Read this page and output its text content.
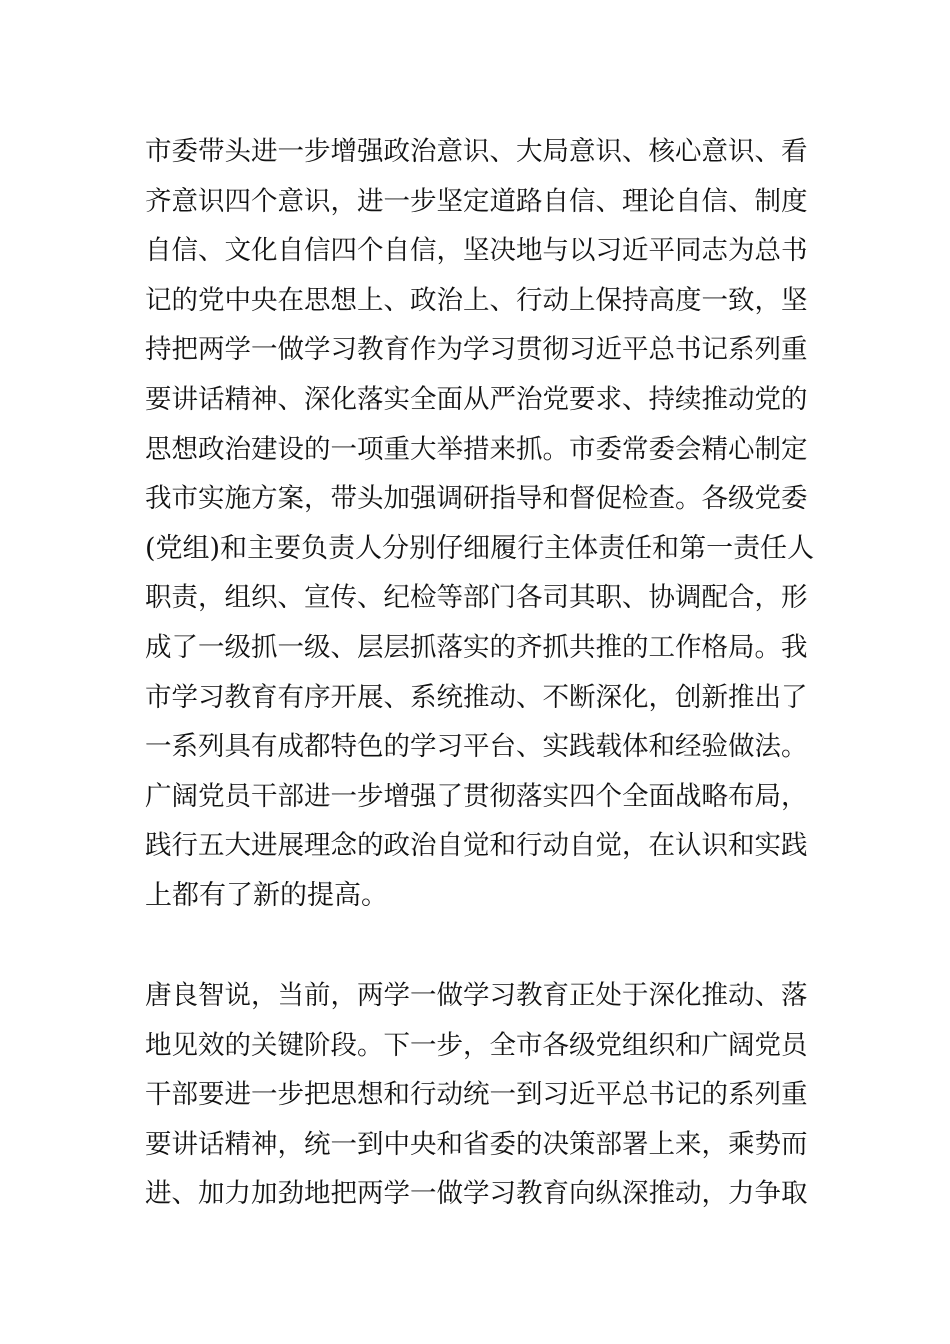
市委带头进一步增强政治意识、大局意识、核心意识、看
齐意识四个意识，进一步坚定道路自信、理论自信、制度
自信、文化自信四个自信，坚决地与以习近平同志为总书
记的党中央在思想上、政治上、行动上保持高度一致，坚
持把两学一做学习教育作为学习贯彻习近平总书记系列重
要讲话精神、深化落实全面从严治党要求、持续推动党的
思想政治建设的一项重大举措来抓。市委常委会精心制定
我市实施方案，带头加强调研指导和督促检查。各级党委
(党组)和主要负责人分别仔细履行主体责任和第一责任人
职责，组织、宣传、纪检等部门各司其职、协调配合，形
成了一级抓一级、层层抓落实的齐抓共推的工作格局。我
市学习教育有序开展、系统推动、不断深化，创新推出了
一系列具有成都特色的学习平台、实践载体和经验做法。
广阔党员干部进一步增强了贯彻落实四个全面战略布局，
践行五大进展理念的政治自觉和行动自觉，在认识和实践
上都有了新的提高。
唐良智说，当前，两学一做学习教育正处于深化推动、落
地见效的关键阶段。下一步，全市各级党组织和广阔党员
干部要进一步把思想和行动统一到习近平总书记的系列重
要讲话精神，统一到中央和省委的决策部署上来，乘势而
进、加力加劲地把两学一做学习教育向纵深推动，力争取
